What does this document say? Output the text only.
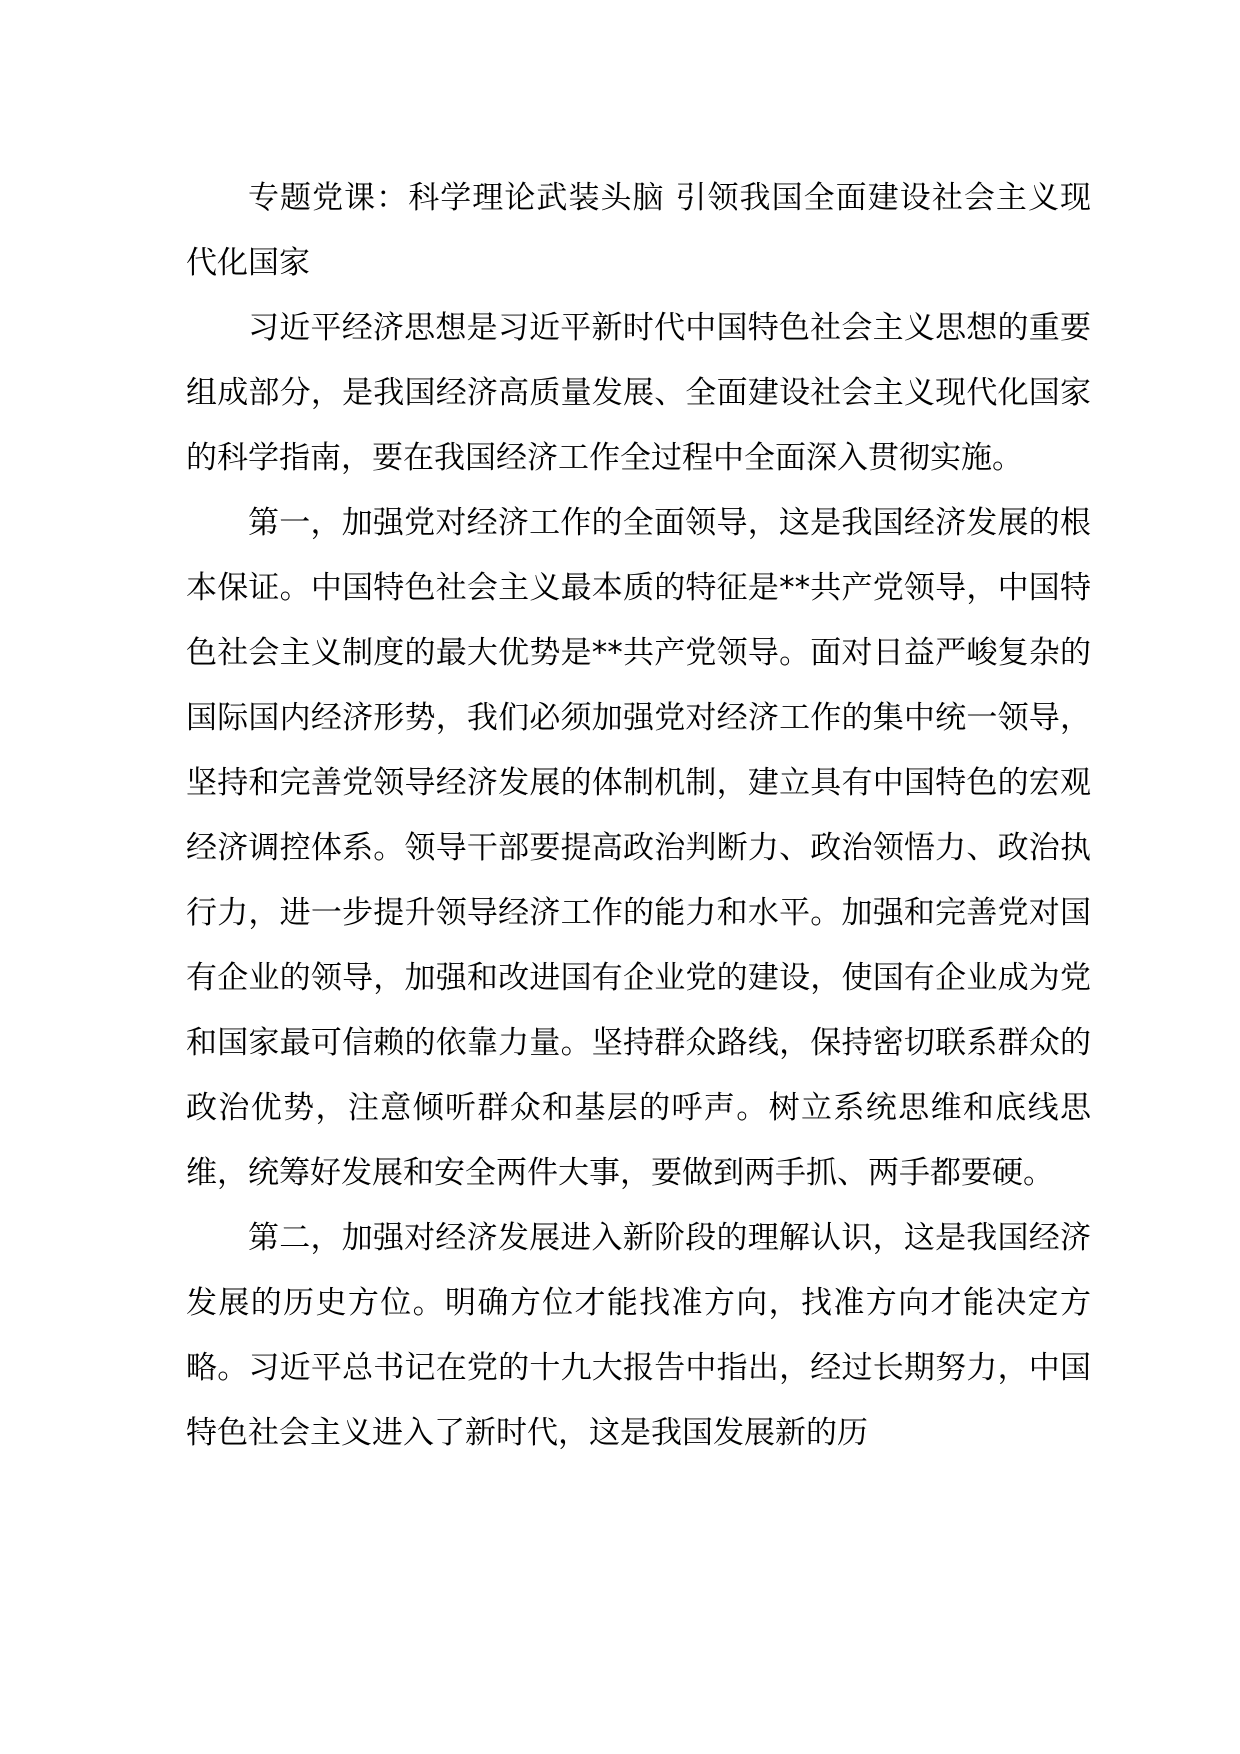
专题党课：科学理论武装头脑 引领我国全面建设社会主义现代化国家

习近平经济思想是习近平新时代中国特色社会主义思想的重要组成部分，是我国经济高质量发展、全面建设社会主义现代化国家的科学指南，要在我国经济工作全过程中全面深入贯彻实施。

第一，加强党对经济工作的全面领导，这是我国经济发展的根本保证。中国特色社会主义最本质的特征是**共产党领导，中国特色社会主义制度的最大优势是**共产党领导。面对日益严峻复杂的国际国内经济形势，我们必须加强党对经济工作的集中统一领导，坚持和完善党领导经济发展的体制机制，建立具有中国特色的宏观经济调控体系。领导干部要提高政治判断力、政治领悟力、政治执行力，进一步提升领导经济工作的能力和水平。加强和完善党对国有企业的领导，加强和改进国有企业党的建设，使国有企业成为党和国家最可信赖的依靠力量。坚持群众路线，保持密切联系群众的政治优势，注意倾听群众和基层的呼声。树立系统思维和底线思维，统筹好发展和安全两件大事，要做到两手抓、两手都要硬。

第二，加强对经济发展进入新阶段的理解认识，这是我国经济发展的历史方位。明确方位才能找准方向，找准方向才能决定方略。习近平总书记在党的十九大报告中指出，经过长期努力，中国特色社会主义进入了新时代，这是我国发展新的历
